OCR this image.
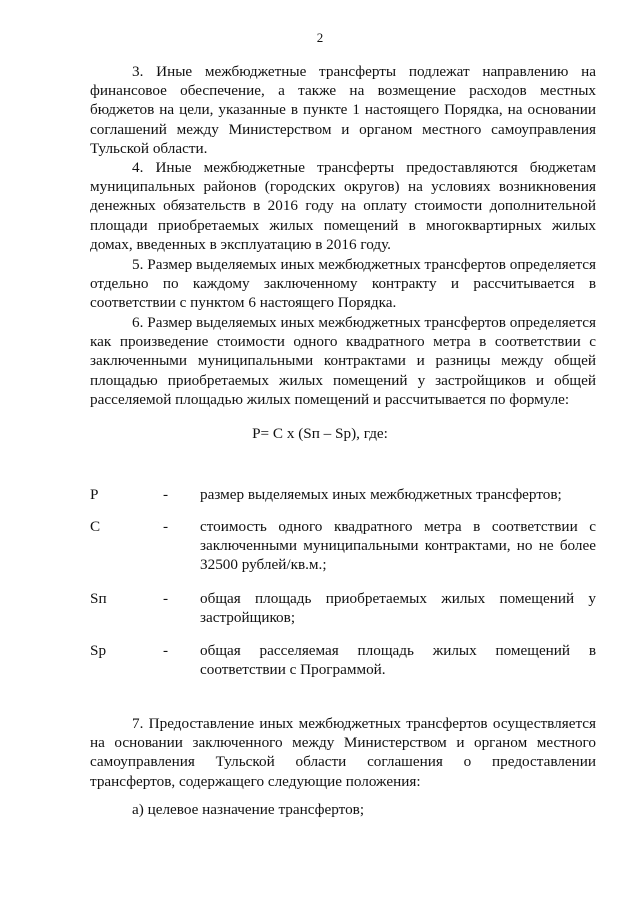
2

3. Иные межбюджетные трансферты подлежат направлению на финансовое обеспечение, а также на возмещение расходов местных бюджетов на цели, указанные в пункте 1 настоящего Порядка, на основании соглашений между Министерством и органом местного самоуправления Тульской области.

4. Иные межбюджетные трансферты предоставляются бюджетам муниципальных районов (городских округов) на условиях возникновения денежных обязательств в 2016 году на оплату стоимости дополнительной площади приобретаемых жилых помещений в многоквартирных жилых домах, введенных в эксплуатацию в 2016 году.

5. Размер выделяемых иных межбюджетных трансфертов определяется отдельно по каждому заключенному контракту и рассчитывается в соответствии с пунктом 6 настоящего Порядка.

6. Размер выделяемых иных межбюджетных трансфертов определяется как произведение стоимости одного квадратного метра в соответствии с заключенными муниципальными контрактами и разницы между общей площадью приобретаемых жилых помещений у застройщиков и общей расселяемой площадью жилых помещений и рассчитывается по формуле:

P= C x (Sп – Sp), где:
P	- размер выделяемых иных межбюджетных трансфертов;

C	- стоимость одного квадратного метра в соответствии с заключенными муниципальными контрактами, но не более 32500 рублей/кв.м.;

Sп	- общая площадь приобретаемых жилых помещений у застройщиков;

Sp	- общая расселяемая площадь жилых помещений в соответствии с Программой.

7. Предоставление иных межбюджетных трансфертов осуществляется на основании заключенного между Министерством и органом местного самоуправления Тульской области соглашения о предоставлении трансфертов, содержащего следующие положения:

а) целевое назначение трансфертов;
